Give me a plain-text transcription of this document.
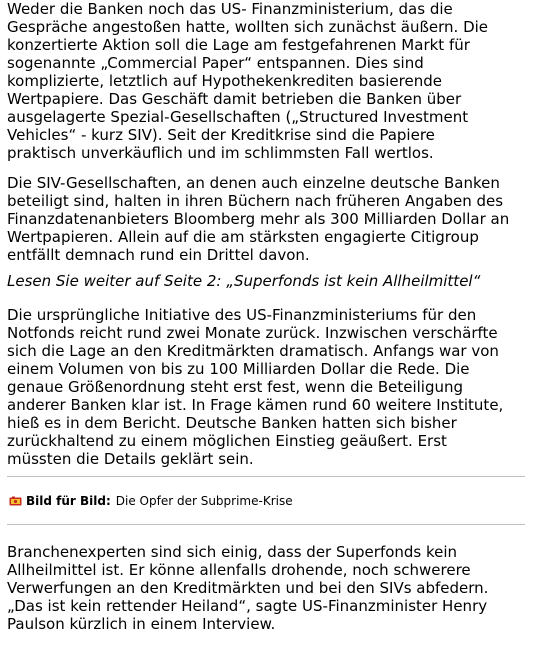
Weder die Banken noch das US- Finanzministerium, das die
Gespräche angestoßen hatte, wollten sich zunächst äußern. Die
konzertierte Aktion soll die Lage am festgefahrenen Markt für
sogenannte „Commercial Paper“ entspannen. Dies sind
komplizierte, letztlich auf Hypothekenkrediten basierende
Wertpapiere. Das Geschäft damit betrieben die Banken über
ausgelagerte Spezial-Gesellschaften („Structured Investment
Vehicles“ - kurz SIV). Seit der Kreditkrise sind die Papiere
praktisch unverkäuflich und im schlimmsten Fall wertlos.

Die SIV-Gesellschaften, an denen auch einzelne deutsche Banken
beteiligt sind, halten in ihren Büchern nach früheren Angaben des
Finanzdatenanbieters Bloomberg mehr als 300 Milliarden Dollar an
Wertpapieren. Allein auf die am stärksten engagierte Citigroup
entfällt demnach rund ein Drittel davon.

Lesen Sie weiter auf Seite 2: „Superfonds ist kein Allheilmittel“

Die ursprüngliche Initiative des US-Finanzministeriums für den
Notfonds reicht rund zwei Monate zurück. Inzwischen verschärfte
sich die Lage an den Kreditmärkten dramatisch. Anfangs war von
einem Volumen von bis zu 100 Milliarden Dollar die Rede. Die
genaue Größenordnung steht erst fest, wenn die Beteiligung
anderer Banken klar ist. In Frage kämen rund 60 weitere Institute,
hieß es in dem Bericht. Deutsche Banken hatten sich bisher
zurückhaltend zu einem möglichen Einstieg geäußert. Erst
müssten die Details geklärt sein.

Bild für Bild: Die Opfer der Subprime-Krise

Branchenexperten sind sich einig, dass der Superfonds kein
Allheilmittel ist. Er könne allenfalls drohende, noch schwerere
Verwerfungen an den Kreditmärkten und bei den SIVs abfedern.
„Das ist kein rettender Heiland“, sagte US-Finanzminister Henry
Paulson kürzlich in einem Interview.
